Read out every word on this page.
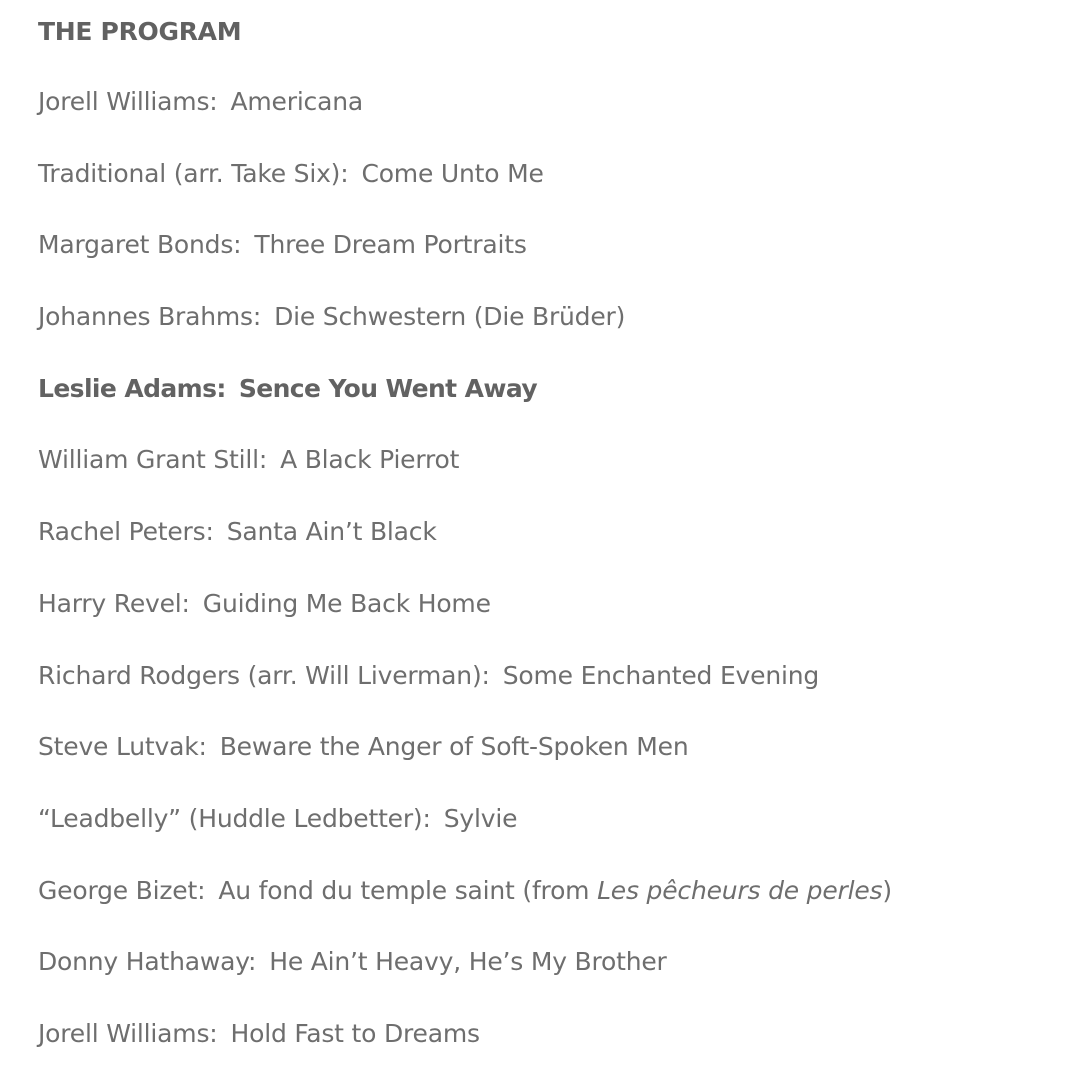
THE PROGRAM
Jorell Williams: Americana
Traditional (arr. Take Six): Come Unto Me
Margaret Bonds: Three Dream Portraits
Johannes Brahms: Die Schwestern (Die Brüder)
Leslie Adams: Sence You Went Away
William Grant Still: A Black Pierrot
Rachel Peters: Santa Ain’t Black
Harry Revel: Guiding Me Back Home
Richard Rodgers (arr. Will Liverman): Some Enchanted Evening
Steve Lutvak: Beware the Anger of Soft-Spoken Men
“Leadbelly” (Huddle Ledbetter): Sylvie
George Bizet: Au fond du temple saint (from Les pêcheurs de perles)
Donny Hathaway: He Ain’t Heavy, He’s My Brother
Jorell Williams: Hold Fast to Dreams
